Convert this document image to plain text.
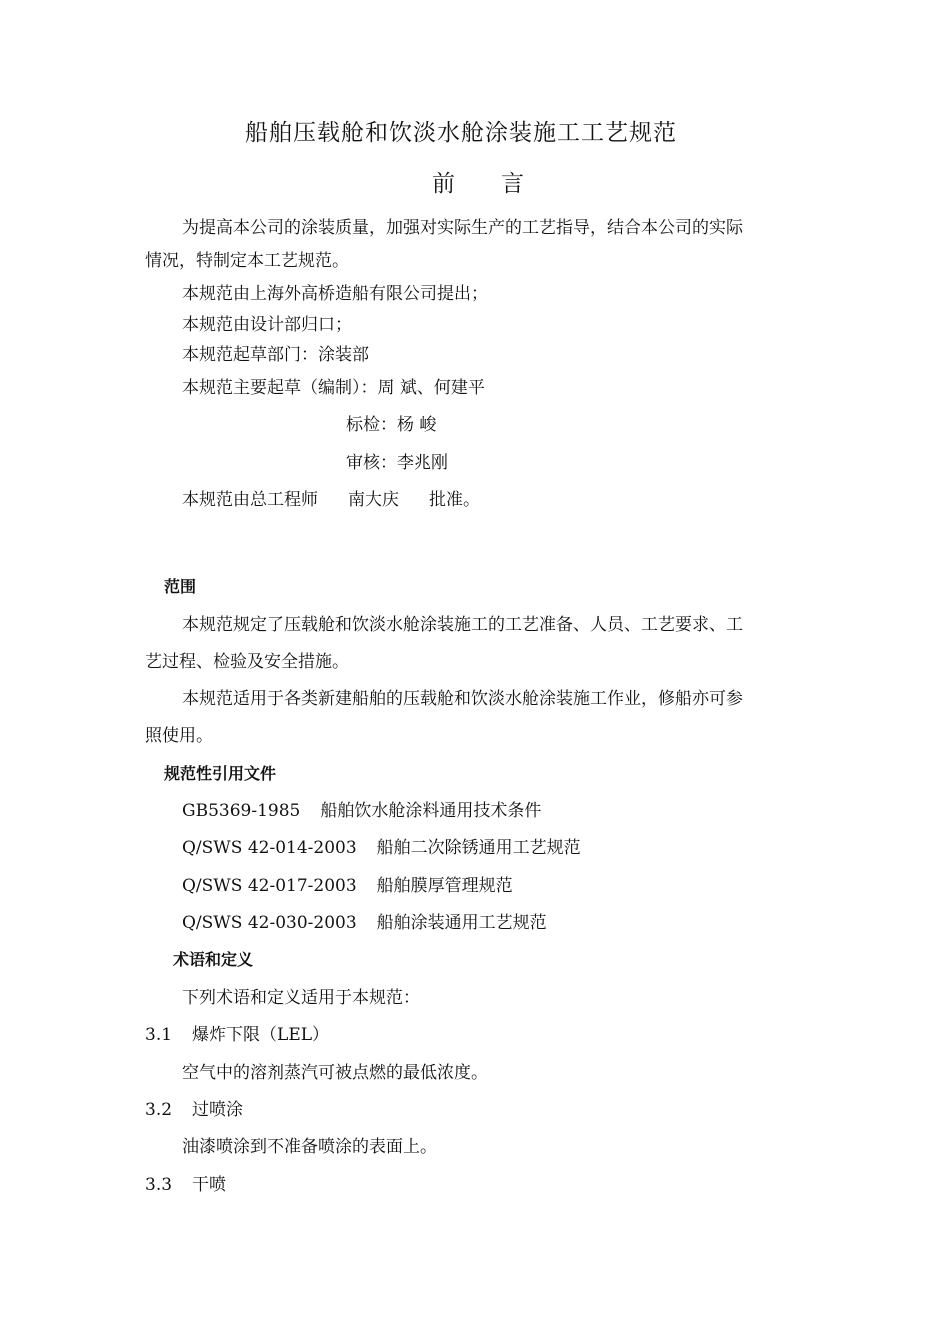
船舶压载舱和饮淡水舱涂装施工工艺规范
前 言
为提高本公司的涂装质量，加强对实际生产的工艺指导，结合本公司的实际
情况，特制定本工艺规范。
本规范由上海外高桥造船有限公司提出；
本规范由设计部归口；
本规范起草部门：涂装部
本规范主要起草（编制）：周 斌、何建平
标检：杨 峻
审核：李兆刚
本规范由总工程师 南大庆 批准。
范围
本规范规定了压载舱和饮淡水舱涂装施工的工艺准备、人员、工艺要求、工
艺过程、检验及安全措施。
本规范适用于各类新建船舶的压载舱和饮淡水舱涂装施工作业，修船亦可参
照使用。
规范性引用文件
GB5369-1985 船舶饮水舱涂料通用技术条件
Q/SWS 42-014-2003 船舶二次除锈通用工艺规范
Q/SWS 42-017-2003 船舶膜厚管理规范
Q/SWS 42-030-2003 船舶涂装通用工艺规范
术语和定义
下列术语和定义适用于本规范：
3.1 爆炸下限（LEL）
空气中的溶剂蒸汽可被点燃的最低浓度。
3.2 过喷涂
油漆喷涂到不准备喷涂的表面上。
3.3 干喷
